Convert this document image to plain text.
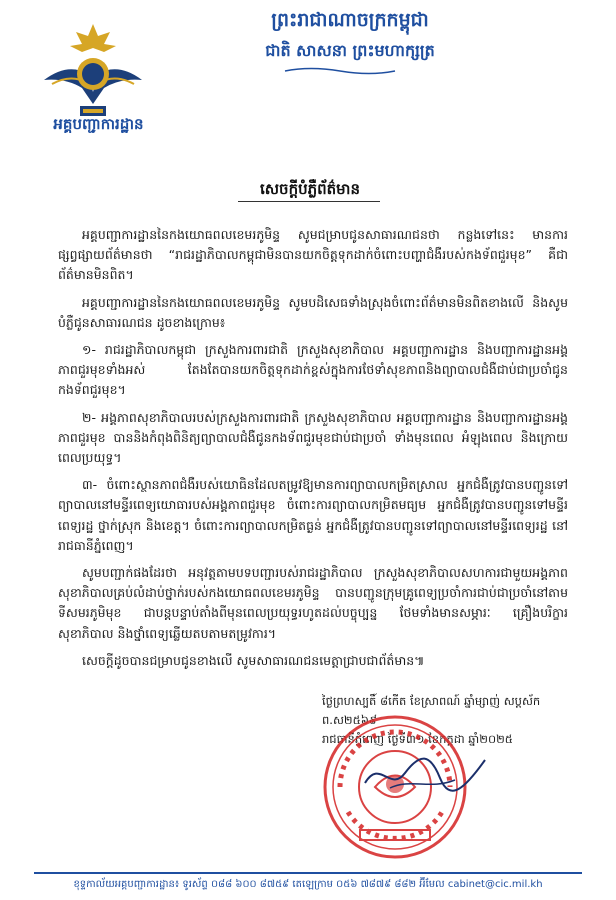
អគ្គបញ្ជាការដ្ឋាន
ព្រះរាជាណាចក្រកម្ពុជា
ជាតិ សាសនា ព្រះមហាក្សត្រ
សេចក្តីបំភ្លឺព័ត៌មាន

អគ្គបញ្ជាការដ្ឋាននៃកងយោធពលខេមរភូមិន្ទ សូមជម្រាបជូនសាធារណជនថា កន្លងទៅនេះ មានការផ្សព្វផ្សាយព័ត៌មានថា “រាជរដ្ឋាភិបាលកម្ពុជាមិនបានយកចិត្តទុកដាក់ចំពោះបញ្ហាជំងឺរបស់កងទ័ពជួរមុខ” គឺជាព័ត៌មានមិនពិត។

អគ្គបញ្ជាការដ្ឋាននៃកងយោធពលខេមរភូមិន្ទ សូមបដិសេធទាំងស្រុងចំពោះព័ត៌មានមិនពិតខាងលើ និងសូមបំភ្លឺជូនសាធារណជន ដូចខាងក្រោម៖

១- រាជរដ្ឋាភិបាលកម្ពុជា ក្រសួងការពារជាតិ ក្រសួងសុខាភិបាល អគ្គបញ្ជាការដ្ឋាន និងបញ្ជាការដ្ឋានអង្គភាពជួរមុខទាំងអស់ តែងតែបានយកចិត្តទុកដាក់ខ្ពស់ក្នុងការថែទាំសុខភាពនិងព្យាបាលជំងឺជាប់ជាប្រចាំជូនកងទ័ពជួរមុខ។

២- អង្គភាពសុខាភិបាលរបស់ក្រសួងការពារជាតិ ក្រសួងសុខាភិបាល អគ្គបញ្ជាការដ្ឋាន និងបញ្ជាការដ្ឋានអង្គភាពជួរមុខ បាននិងកំពុងពិនិត្យព្យាបាលជំងឺជូនកងទ័ពជួរមុខជាប់ជាប្រចាំ ទាំងមុនពេល អំឡុងពេល និងក្រោយពេលប្រយុទ្ធ។

៣- ចំពោះស្ថានភាពជំងឺរបស់យោធិនដែលតម្រូវឱ្យមានការព្យាបាលកម្រិតស្រាល អ្នកជំងឺត្រូវបានបញ្ជូនទៅព្យាបាលនៅមន្ទីរពេទ្យយោធារបស់អង្គភាពជួរមុខ ចំពោះការព្យាបាលកម្រិតមធ្យម អ្នកជំងឺត្រូវបានបញ្ជូនទៅមន្ទីរពេទ្យរដ្ឋ ថ្នាក់ស្រុក និងខេត្ត។ ចំពោះការព្យាបាលកម្រិតធ្ងន់ អ្នកជំងឺត្រូវបានបញ្ជូនទៅព្យាបាលនៅមន្ទីរពេទ្យរដ្ឋ នៅរាជធានីភ្នំពេញ។

សូមបញ្ជាក់ផងដែរថា អនុវត្តតាមបទបញ្ជារបស់រាជរដ្ឋាភិបាល ក្រសួងសុខាភិបាលសហការជាមួយអង្គភាពសុខាភិបាលគ្រប់លំដាប់ថ្នាក់របស់កងយោធពលខេមរភូមិន្ទ បានបញ្ជូនក្រុមគ្រូពេទ្យប្រចាំការជាប់ជាប្រចាំនៅតាមទីសមរភូមិមុខ ជាបន្តបន្ទាប់តាំងពីមុនពេលប្រយុទ្ធរហូតដល់បច្ចុប្បន្ន ថែមទាំងមានសម្ភារៈ គ្រឿងបរិក្ខារសុខាភិបាល និងថ្នាំពេទ្យឆ្លើយតបតាមតម្រូវការ។

សេចក្តីដូចបានជម្រាបជូនខាងលើ សូមសាធារណជនមេត្តាជ្រាបជាព័ត៌មាន៕

ថ្ងៃព្រហស្បតិ៍ ៨កើត ខែស្រាពណ៍ ឆ្នាំម្សាញ់ សប្តស័ក ព.ស២៥៦៩
រាជធានីភ្នំពេញ ថ្ងៃទី៣១ ខែកក្កដា ឆ្នាំ២០២៥
ខុទ្ទកាល័យអគ្គបញ្ជាការដ្ឋាន៖ ទូរស័ព្ទ ០៨៨ ៦០០ ៨៧៥៩ តេឡេក្រាម ០៥៦ ៧៨៧៩ ៨៨២ អ៊ីមែល cabinet@cic.mil.kh
